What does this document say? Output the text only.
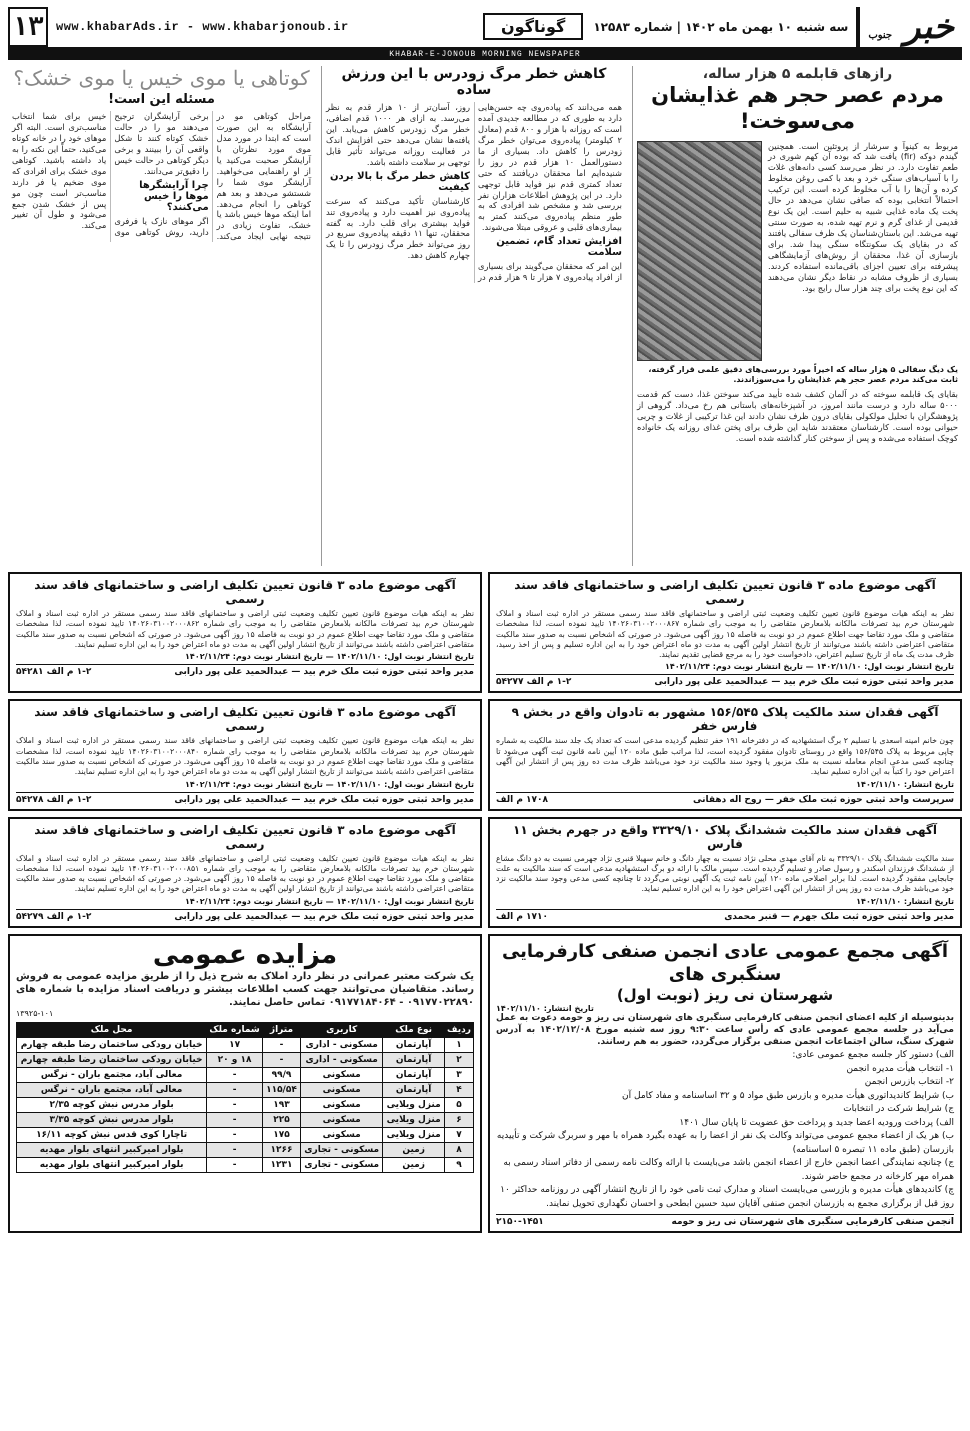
۱۳	www.khabarAds.ir - www.khabarjonoub.ir	گوناگون	سه شنبه ۱۰ بهمن ماه ۱۴۰۲ | شماره ۱۲۵۸۳	خبر جنوب
KHABAR-E-JONOUB MORNING NEWSPAPER
رازهای قابلمه ۵ هزار ساله،
مردم عصر حجر هم غذایشان می‌سوخت!

مربوط به کینوآ و سرشار از پروتئین است. همچنین گیندم دوکه (fir) یافت شد که بوده آن کهم شوری در طعم تفاوت دارد. در نظر می‌رسد کسی دانه‌های غلات را با آسیاب‌های سنگی خرد و بعد با کمی روغن مخلوط کرده و آن‌ها را با آب مخلوط کرده است. این ترکیب احتمالاً انتخابی بوده که صافی نشان می‌دهد در حال پخت یک ماده غذایی شبیه به حلیم است. این یک نوع قدیمی از غذای گرم و نرم تهیه شده، به صورت سنتی تهیه می‌شد. این باستان‌شناسان یک ظرف سفالی یافتند که در بقایای یک سکونتگاه سنگی پیدا شد. برای بازسازی آن غذا، محققان از روش‌های آزمایشگاهی پیشرفته برای تعیین اجزای باقی‌مانده استفاده کردند. بسیاری از ظروف مشابه در نقاط دیگر نشان می‌دهند که این نوع پخت برای چند هزار سال رایج بود.

یک دیگ سفالی ۵ هزار ساله که اخیراً مورد بررسی‌های دقیق علمی قرار گرفته، ثابت می‌کند مردم عصر حجر هم غذایشان را می‌سوزاندند.

بقایای یک قابلمه سوخته که در آلمان کشف شده تأیید می‌کند سوختن غذا، دست کم قدمت ۵۰۰۰ ساله دارد و درست مانند امروز، در آشپزخانه‌های باستانی هم رخ می‌داد. گروهی از پژوهشگران با تحلیل مولکولی بقایای درون ظرف نشان دادند این غذا ترکیبی از غلات و چربی حیوانی بوده است. کارشناسان معتقدند شاید این ظرف برای پختن غذای روزانه یک خانواده کوچک استفاده می‌شده و پس از سوختن کنار گذاشته شده است.

کاهش خطر مرگ زودرس با این ورزش ساده

همه می‌دانند که پیاده‌روی چه حسن‌هایی دارد به طوری که در مطالعه جدیدی آمده است که روزانه با هزار و ۸۰۰ قدم (معادل ۲ کیلومتر) پیاده‌روی می‌توان خطر مرگ زودرس را کاهش داد. بسیاری از ما دستورالعمل ۱۰ هزار قدم در روز را شنیده‌ایم اما محققان دریافتند که حتی تعداد کمتری قدم نیز فواید قابل توجهی دارد. در این پژوهش اطلاعات هزاران نفر بررسی شد و مشخص شد افرادی که به طور منظم پیاده‌روی می‌کنند کمتر به بیماری‌های قلبی و عروقی مبتلا می‌شوند.

افزایش تعداد گام، تضمین سلامت

این امر که محققان می‌گویند برای بسیاری از افراد پیاده‌روی ۷ هزار تا ۹ هزار قدم در روز، آسان‌تر از ۱۰ هزار قدم به نظر می‌رسد. به ازای هر ۱۰۰۰ قدم اضافی، خطر مرگ زودرس کاهش می‌یابد. این یافته‌ها نشان می‌دهد حتی افزایش اندک در فعالیت روزانه می‌تواند تأثیر قابل توجهی بر سلامت داشته باشد.

کاهش خطر مرگ با بالا بردن کیفیت

کارشناسان تأکید می‌کنند که سرعت پیاده‌روی نیز اهمیت دارد و پیاده‌روی تند فواید بیشتری برای قلب دارد. به گفته محققان، تنها ۱۱ دقیقه پیاده‌روی سریع در روز می‌تواند خطر مرگ زودرس را تا یک چهارم کاهش دهد.

کوتاهی یا موی خیس یا موی خشک؟
مسئله این است!

مراحل کوتاهی مو در آرایشگاه به این صورت است که ابتدا در مورد مدل موی مورد نظرتان با آرایشگر صحبت می‌کنید یا از او راهنمایی می‌خواهید. آرایشگر موی شما را شستشو می‌دهد و بعد هم کوتاهی را انجام می‌دهد. اما اینکه موها خیس باشد یا خشک، تفاوت زیادی در نتیجه نهایی ایجاد می‌کند. برخی آرایشگران ترجیح می‌دهند مو را در حالت خشک کوتاه کنند تا شکل واقعی آن را ببینند و برخی دیگر کوتاهی در حالت خیس را دقیق‌تر می‌دانند.

چرا آرایشگرها موها را خیس می‌کنند؟

اگر موهای نازک یا فرفری دارید، روش کوتاهی موی خیس برای شما انتخاب مناسب‌تری است. البته اگر موهای خود را در خانه کوتاه می‌کنید، حتماً این نکته را به یاد داشته باشید. کوتاهی موی خشک برای افرادی که موی ضخیم یا فر دارند مناسب‌تر است چون مو پس از خشک شدن جمع می‌شود و طول آن تغییر می‌کند.

آگهی موضوع ماده ۳ قانون تعیین تکلیف اراضی و ساختمانهای فاقد سند رسمی
نظر به اینکه هیات موضوع قانون تعیین تکلیف وضعیت ثبتی اراضی و ساختمانهای فاقد سند رسمی مستقر در اداره ثبت اسناد و املاک شهرستان خرم بید تصرفات مالکانه بلامعارض متقاضی را به موجب رای شماره ۱۴۰۲۶۰۳۱۰۰۲۰۰۰۸۶۷ تایید نموده است، لذا مشخصات متقاضی و ملک مورد تقاضا جهت اطلاع عموم در دو نوبت به فاصله ۱۵ روز آگهی می‌شود. در صورتی که اشخاص نسبت به صدور سند مالکیت متقاضی اعتراضی داشته باشند می‌توانند از تاریخ انتشار اولین آگهی به مدت دو ماه اعتراض خود را به این اداره تسلیم و پس از اخذ رسید، ظرف مدت یک ماه از تاریخ تسلیم اعتراض، دادخواست خود را به مرجع قضایی تقدیم نمایند.
تاریخ انتشار نوبت اول: ۱۴۰۲/۱۱/۱۰ — تاریخ انتشار نوبت دوم: ۱۴۰۲/۱۱/۲۴
مدیر واحد ثبتی حوزه ثبت ملک خرم بید — عبدالحمید علی پور دارابی
۱-۲ م الف ۵۴۲۷۷
آگهی موضوع ماده ۳ قانون تعیین تکلیف اراضی و ساختمانهای فاقد سند رسمی
نظر به اینکه هیات موضوع قانون تعیین تکلیف وضعیت ثبتی اراضی و ساختمانهای فاقد سند رسمی مستقر در اداره ثبت اسناد و املاک شهرستان خرم بید تصرفات مالکانه بلامعارض متقاضی را به موجب رای شماره ۱۴۰۲۶۰۳۱۰۰۲۰۰۰۸۶۲ تایید نموده است، لذا مشخصات متقاضی و ملک مورد تقاضا جهت اطلاع عموم در دو نوبت به فاصله ۱۵ روز آگهی می‌شود. در صورتی که اشخاص نسبت به صدور سند مالکیت متقاضی اعتراضی داشته باشند می‌توانند از تاریخ انتشار اولین آگهی به مدت دو ماه اعتراض خود را به این اداره تسلیم نمایند.
تاریخ انتشار نوبت اول: ۱۴۰۲/۱۱/۱۰ — تاریخ انتشار نوبت دوم: ۱۴۰۲/۱۱/۲۴
مدیر واحد ثبتی حوزه ثبت ملک خرم بید — عبدالحمید علی پور دارابی
۱-۲ م الف ۵۴۲۸۱
آگهی فقدان سند مالکیت پلاک ۱۵۶/۵۴۵ مشهور به تادوان واقع در بخش ۹ فارس خفر
چون خانم امینه اسعدی با تسلیم ۲ برگ استشهادیه که در دفترخانه ۱۹۱ خفر تنظیم گردیده مدعی است که تعداد یک جلد سند مالکیت به شماره چاپی مربوط به پلاک ۱۵۶/۵۴۵ واقع در روستای تادوان مفقود گردیده است، لذا مراتب طبق ماده ۱۲۰ آیین نامه قانون ثبت آگهی می‌شود تا چنانچه کسی مدعی انجام معامله نسبت به ملک مزبور یا وجود سند مالکیت نزد خود می‌باشد ظرف مدت ده روز پس از انتشار این آگهی اعتراض خود را کتباً به این اداره تسلیم نماید.
تاریخ انتشار: ۱۴۰۲/۱۱/۱۰
سرپرست واحد ثبتی حوزه ثبت ملک خفر — روح اله دهقانی
۱۷۰۸ م الف
آگهی موضوع ماده ۳ قانون تعیین تکلیف اراضی و ساختمانهای فاقد سند رسمی
نظر به اینکه هیات موضوع قانون تعیین تکلیف وضعیت ثبتی اراضی و ساختمانهای فاقد سند رسمی مستقر در اداره ثبت اسناد و املاک شهرستان خرم بید تصرفات مالکانه بلامعارض متقاضی را به موجب رای شماره ۱۴۰۲۶۰۳۱۰۰۲۰۰۰۸۴۰ تایید نموده است، لذا مشخصات متقاضی و ملک مورد تقاضا جهت اطلاع عموم در دو نوبت به فاصله ۱۵ روز آگهی می‌شود. در صورتی که اشخاص نسبت به صدور سند مالکیت متقاضی اعتراضی داشته باشند می‌توانند از تاریخ انتشار اولین آگهی به مدت دو ماه اعتراض خود را به این اداره تسلیم نمایند.
تاریخ انتشار نوبت اول: ۱۴۰۲/۱۱/۱۰ — تاریخ انتشار نوبت دوم: ۱۴۰۲/۱۱/۲۴
مدیر واحد ثبتی حوزه ثبت ملک خرم بید — عبدالحمید علی پور دارابی
۱-۲ م الف ۵۴۲۷۸
آگهی فقدان سند مالکیت ششدانگ پلاک ۳۳۲۹/۱۰ واقع در جهرم بخش ۱۱ فارس
سند مالکیت ششدانگ پلاک ۳۳۲۹/۱۰ به نام آقای مهدی محلی نژاد نسبت به چهار دانگ و خانم سهیلا قنبری نژاد جهرمی نسبت به دو دانگ مشاع از ششدانگ فرزندان اسکندر و رسول صادر و تسلیم گردیده است. سپس مالک با ارائه دو برگ استشهادیه مدعی است که سند مالکیت به علت جابجایی مفقود گردیده است. لذا برابر اصلاحی ماده ۱۲۰ آیین نامه ثبت یک آگهی نوبتی می‌گردد تا چنانچه کسی مدعی وجود سند مالکیت نزد خود می‌باشد ظرف مدت ده روز پس از انتشار این آگهی اعتراض خود را به این اداره تسلیم نماید.
تاریخ انتشار: ۱۴۰۲/۱۱/۱۰
مدیر واحد ثبتی حوزه ثبت ملک جهرم — قنبر محمدی
۱۷۱۰ م الف
آگهی موضوع ماده ۳ قانون تعیین تکلیف اراضی و ساختمانهای فاقد سند رسمی
نظر به اینکه هیات موضوع قانون تعیین تکلیف وضعیت ثبتی اراضی و ساختمانهای فاقد سند رسمی مستقر در اداره ثبت اسناد و املاک شهرستان خرم بید تصرفات مالکانه بلامعارض متقاضی را به موجب رای شماره ۱۴۰۲۶۰۳۱۰۰۲۰۰۰۸۵۱ تایید نموده است، لذا مشخصات متقاضی و ملک مورد تقاضا جهت اطلاع عموم در دو نوبت به فاصله ۱۵ روز آگهی می‌شود. در صورتی که اشخاص نسبت به صدور سند مالکیت متقاضی اعتراضی داشته باشند می‌توانند از تاریخ انتشار اولین آگهی به مدت دو ماه اعتراض خود را به این اداره تسلیم نمایند.
تاریخ انتشار نوبت اول: ۱۴۰۲/۱۱/۱۰ — تاریخ انتشار نوبت دوم: ۱۴۰۲/۱۱/۲۴
مدیر واحد ثبتی حوزه ثبت ملک خرم بید — عبدالحمید علی پور دارابی
۱-۲ م الف ۵۴۲۷۹
آگهی مجمع عمومی عادی انجمن صنفی کارفرمایی سنگبری های
شهرستان نی ریز (نوبت اول)
تاریخ انتشار: ۱۴۰۲/۱۱/۱۰

بدینوسیله از کلیه اعضای انجمن صنفی کارفرمایی سنگبری های شهرستان نی ریز و حومه دعوت به عمل می‌آید در جلسه مجمع عمومی عادی که رأس ساعت ۹:۳۰ روز سه شنبه مورخ ۱۴۰۲/۱۲/۰۸ به آدرس شهرک سنگ، سالن اجتماعات انجمن صنفی برگزار می‌گردد، حضور به هم رسانند.

الف) دستور کار جلسه مجمع عمومی عادی:
۱- انتخاب هیأت مدیره انجمن
۲- انتخاب بازرس انجمن
ب) شرایط کاندیداتوری هیأت مدیره و بازرس طبق مواد ۵ و ۳۲ اساسنامه و مفاد کامل آن
ج) شرایط شرکت در انتخابات
الف) پرداخت ورودیه اعضا جدید و پرداخت حق عضویت تا پایان سال ۱۴۰۱
ب) هر یک از اعضاء مجمع عمومی می‌تواند وکالت یک نفر از اعضا را به عهده بگیرد همراه با مهر و سربرگ شرکت و تأییدیه بازرسان (طبق ماده ۱۱ تبصره ۵ اساسنامه)
ج) چنانچه نمایندگی اعضا انجمن خارج از اعضاء انجمن باشد می‌بایست با ارائه وکالت نامه رسمی از دفاتر اسناد رسمی به همراه مهر کارخانه در مجمع حاضر شوند.
چ) کاندیدهای هیأت مدیره و بازرسی می‌بایست اسناد و مدارک ثبت نامی خود را از تاریخ انتشار آگهی در روزنامه حداکثر ۱۰ روز قبل از برگزاری مجمع به بازرسان انجمن صنفی آقایان سید حسین ابطحی و احسان نگهداری تحویل نمایند.
انجمن صنفی کارفرمایی سنگبری های شهرستان نی ریز و حومه
۲۱۵۰-۱۴۵۱
مزایده عمومی

یک شرکت معتبر عمرانی در نظر دارد املاک به شرح ذیل را از طریق مزایده عمومی به فروش رساند. متقاضیان می‌توانند جهت کسب اطلاعات بیشتر و دریافت اسناد مزایده با شماره های ۰۹۱۷۷۰۲۲۸۹۰ - ۰۹۱۷۷۱۸۴۰۶۴ تماس حاصل نمایند.

۱۳۹۲۵-۱۰۱
ردیف	نوع ملک	کاربری	متراژ	شماره ملک	محل ملک
۱	آپارتمان	مسکونی - اداری	-	۱۷	خیابان رودکی ساختمان رضا طبقه چهارم
۲	آپارتمان	مسکونی - اداری	-	۱۸ و ۲۰	خیابان رودکی ساختمان رضا طبقه چهارم
۳	آپارتمان	مسکونی	۹۹/۹	-	معالی آباد، مجتمع باران - نرگس
۴	آپارتمان	مسکونی	۱۱۵/۵۴	-	معالی آباد، مجتمع باران - نرگس
۵	منزل ویلایی	مسکونی	۱۹۳	-	بلوار مدرس نبش کوچه ۲/۳۵
۶	منزل ویلایی	مسکونی	۲۲۵	-	بلوار مدرس نبش کوچه ۳/۳۵
۷	منزل ویلایی	مسکونی	۱۷۵	-	تاچارا کوی قدس نبش کوچه ۱۶/۱۱
۸	زمین	مسکونی - تجاری	۱۲۶۶	-	بلوار امیرکبیر انتهای بلوار مهدیه
۹	زمین	مسکونی - تجاری	۱۲۳۱	-	بلوار امیرکبیر انتهای بلوار مهدیه
